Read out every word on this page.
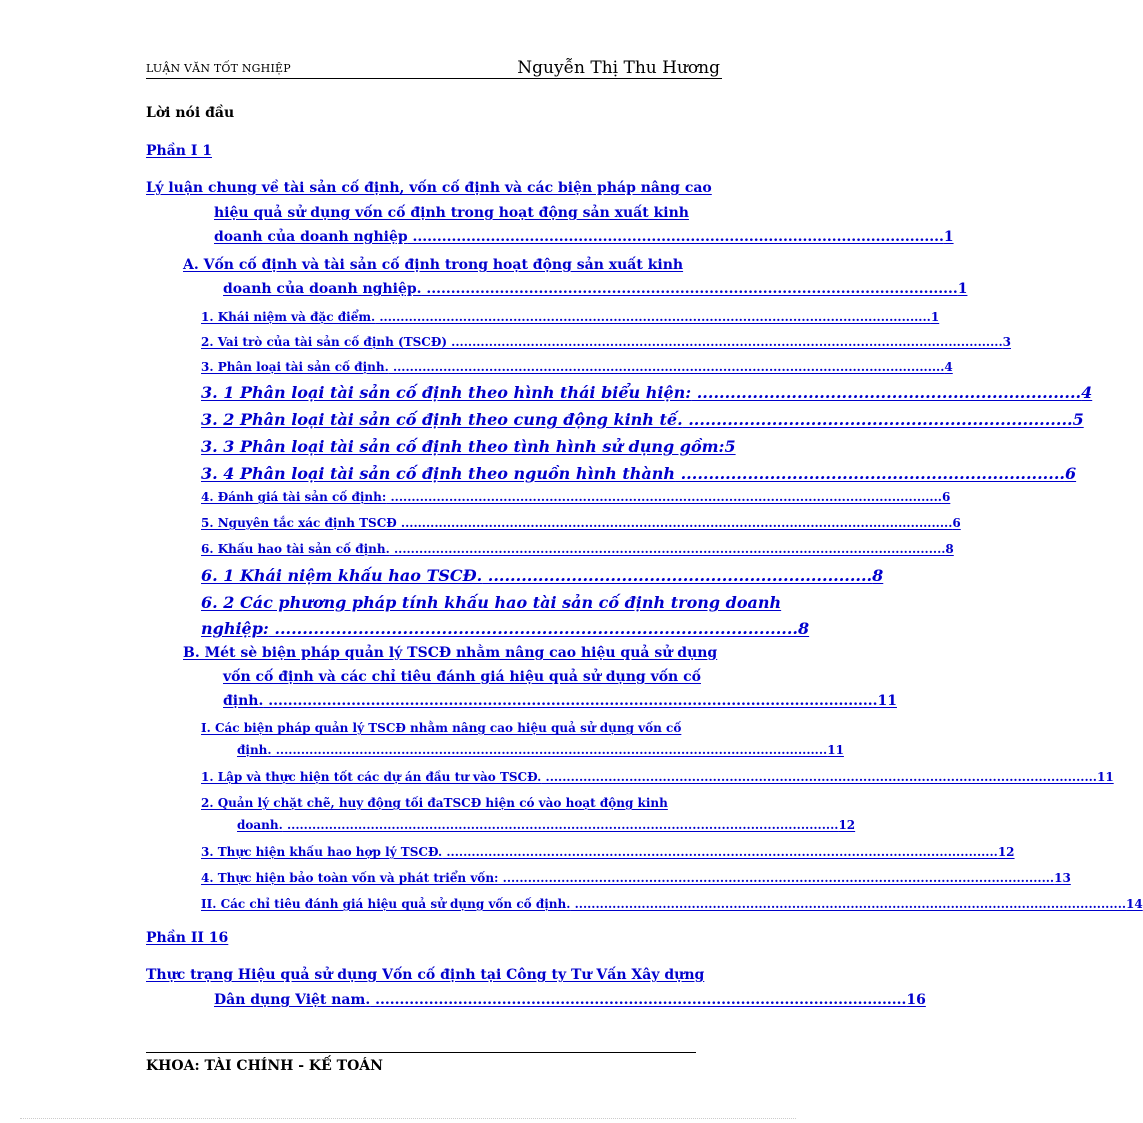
LUẬN VĂN TỐT NGHIỆP	Nguyễn Thị Thu Hương
Lời nói đầu
Phần I 1
Lý luận chung về tài sản cố định, vốn cố định và các biện pháp nâng cao
hiệu quả sử dụng vốn cố định trong hoạt động sản xuất kinh
doanh của doanh nghiệp ............................................................................................................. 1
A. Vốn cố định và tài sản cố định trong hoạt động sản xuất kinh
doanh của doanh nghiệp. ............................................................................................................. 1
1. Khái niệm và đặc điểm. .................................................................................................................................... 1
2. Vai trò của tài sản cố định (TSCĐ) .................................................................................................................................... 3
3. Phân loại tài sản cố định. .................................................................................................................................... 4
3. 1 Phân loại tài sản cố định theo hình thái biểu hiện: ..................................................................... 4
3. 2 Phân loại tài sản cố định theo cung động kinh tế. ..................................................................... 5
3. 3 Phân loại tài sản cố định theo tình hình sử dụng gồm: 5
3. 4 Phân loại tài sản cố định theo nguồn hình thành ..................................................................... 6
4. Đánh giá tài sản cố định: .................................................................................................................................... 6
5. Nguyên tắc xác định TSCĐ .................................................................................................................................... 6
6. Khấu hao tài sản cố định. .................................................................................................................................... 8
6. 1 Khái niệm khấu hao TSCĐ. ..................................................................... 8
6. 2 Các phương pháp tính khấu hao tài sản cố định trong doanh
nghiệp: .............................................................................................. 8
B. Mét sè biện pháp quản lý TSCĐ nhằm nâng cao hiệu quả sử dụng
vốn cố định và các chỉ tiêu đánh giá hiệu quả sử dụng vốn cố
định. ............................................................................................................................. 11
I. Các biện pháp quản lý TSCĐ nhằm nâng cao hiệu quả sử dụng vốn cố
định. .................................................................................................................................... 11
1. Lập và thực hiện tốt các dự án đầu tư vào TSCĐ. .................................................................................................................................... 11
2. Quản lý chặt chẽ, huy động tối đaTSCĐ hiện có vào hoạt động kinh
doanh. .................................................................................................................................... 12
3. Thực hiện khấu hao hợp lý TSCĐ. .................................................................................................................................... 12
4. Thực hiện bảo toàn vốn và phát triển vốn: .................................................................................................................................... 13
II. Các chỉ tiêu đánh giá hiệu quả sử dụng vốn cố định. .................................................................................................................................... 14
Phần II 16
Thực trạng Hiệu quả sử dụng Vốn cố định tại Công ty Tư Vấn Xây dựng
Dân dụng Việt nam. ............................................................................................................. 16
KHOA: TÀI CHÍNH - KẾ TOÁN
